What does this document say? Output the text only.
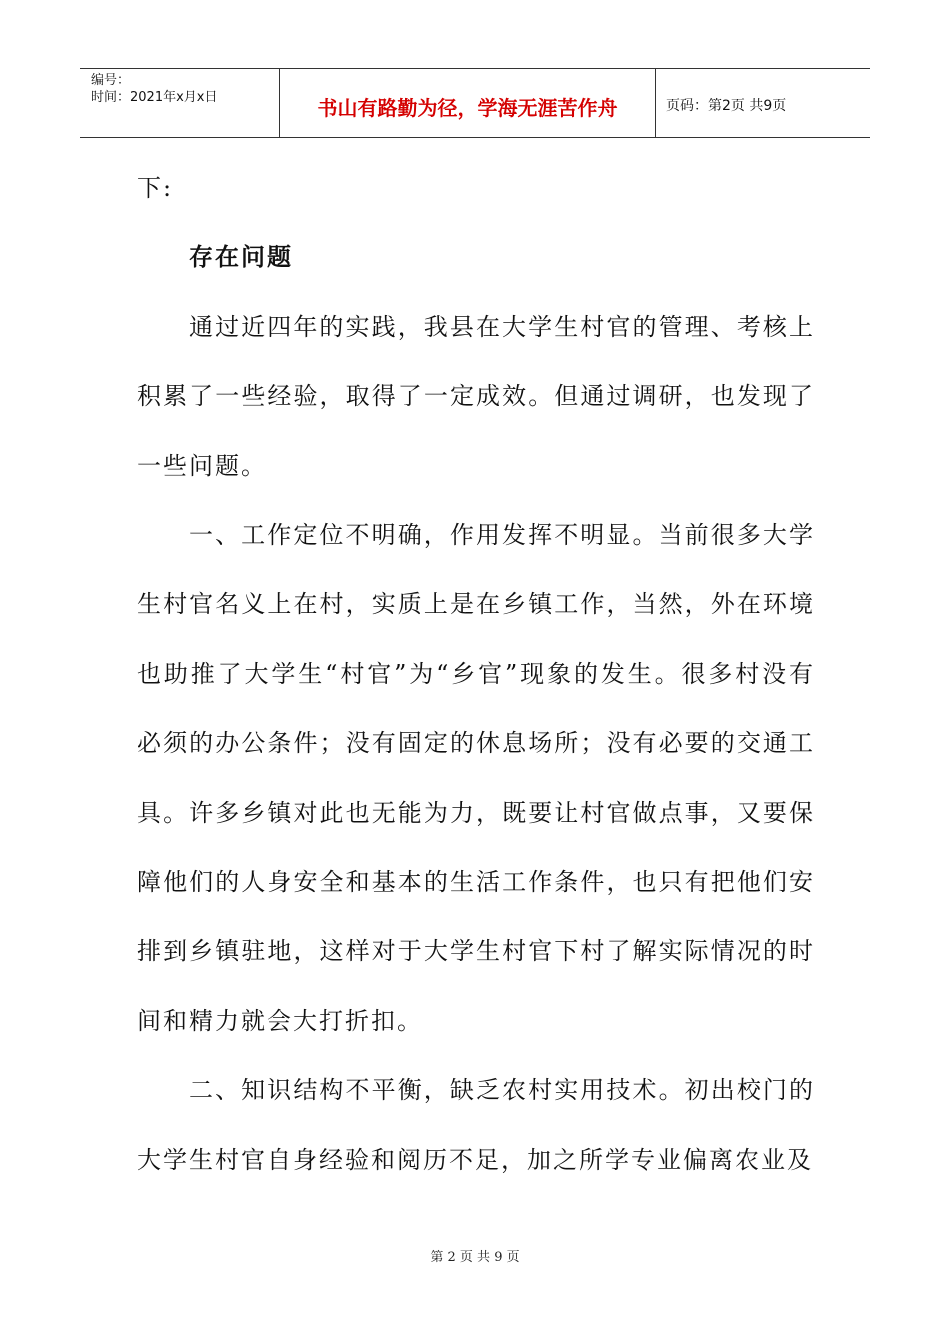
编号：
时间：2021年x月x日	书山有路勤为径，学海无涯苦作舟	页码：第2页 共9页

下:

存在问题

通过近四年的实践，我县在大学生村官的管理、考核上积累了一些经验，取得了一定成效。但通过调研，也发现了一些问题。

一、工作定位不明确，作用发挥不明显。当前很多大学生村官名义上在村，实质上是在乡镇工作，当然，外在环境也助推了大学生“村官”为“乡官”现象的发生。很多村没有必须的办公条件；没有固定的休息场所；没有必要的交通工具。许多乡镇对此也无能为力，既要让村官做点事，又要保障他们的人身安全和基本的生活工作条件，也只有把他们安排到乡镇驻地，这样对于大学生村官下村了解实际情况的时间和精力就会大打折扣。

二、知识结构不平衡，缺乏农村实用技术。初出校门的大学生村官自身经验和阅历不足，加之所学专业偏离农业及

第 2 页 共 9 页
